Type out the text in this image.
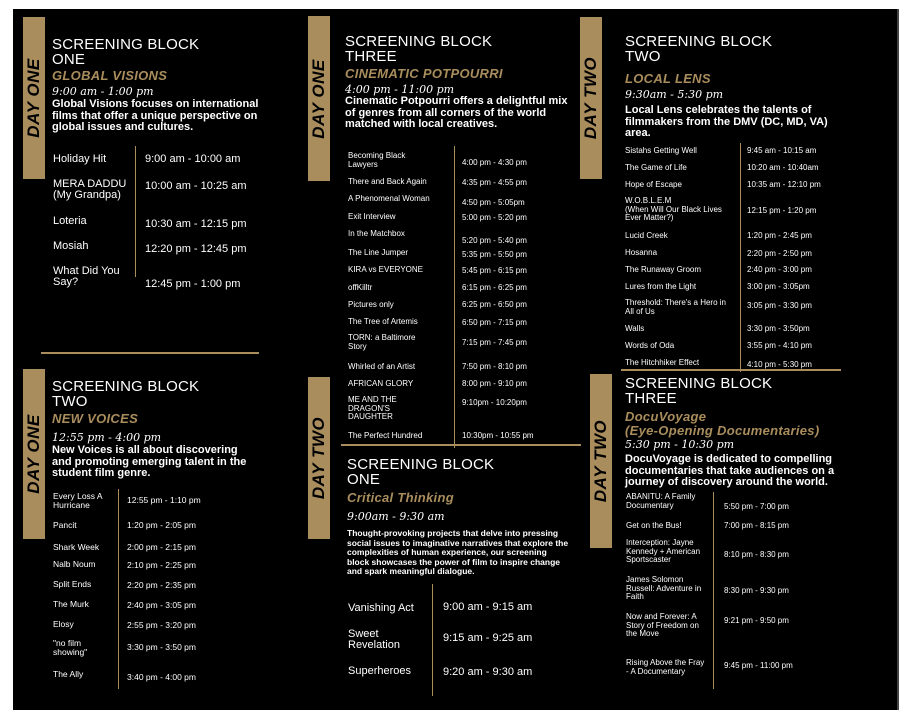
DAY ONE
DAY ONE
DAY ONE
DAY TWO
DAY TWO
DAY TWO
SCREENING BLOCK
ONE
GLOBAL VISIONS
9:00 am - 1:00 pm
Global Visions focuses on international films that offer a unique perspective on global issues and cultures.
Holiday Hit	9:00 am - 10:00 am
MERA DADDU
(My Grandpa)
10:00 am - 10:25 am
Loteria	10:30 am - 12:15 pm
Mosiah	12:20 pm - 12:45 pm
What Did You
Say?	12:45 pm - 1:00 pm
SCREENING BLOCK
TWO
NEW VOICES
12:55 pm - 4:00 pm
New Voices is all about discovering and promoting emerging talent in the student film genre.
Every Loss A
Hurricane	12:55 pm - 1:10 pm
Pancit	1:20 pm - 2:05 pm
Shark Week	2:00 pm - 2:15 pm
Nalb Noum	2:10 pm - 2:25 pm
Split Ends	2:20 pm - 2:35 pm
The Murk	2:40 pm - 3:05 pm
Elosy	2:55 pm - 3:20 pm
"no film
showing"	3:30 pm - 3:50 pm
The Ally	3:40 pm - 4:00 pm
SCREENING BLOCK
THREE
CINEMATIC POTPOURRI
4:00 pm - 11:00 pm
Cinematic Potpourri offers a delightful mix of genres from all corners of the world matched with local creatives.
Becoming Black
Lawyers	4:00 pm - 4:30 pm
There and Back Again	4:35 pm - 4:55 pm
A Phenomenal Woman	4:50 pm - 5:05pm
Exit Interview	5:00 pm - 5:20 pm
In the Matchbox
5:20 pm - 5:40 pm
The Line Jumper	5:35 pm - 5:50 pm
KIRA vs EVERYONE	5:45 pm - 6:15 pm
offKilltr	6:15 pm - 6:25 pm
Pictures only	6:25 pm - 6:50 pm
The Tree of Artemis	6:50 pm - 7:15 pm
TORN: a Baltimore
Story	7:15 pm - 7:45 pm
Whirled of an Artist	7:50 pm - 8:10 pm
AFRICAN GLORY	8:00 pm - 9:10 pm
ME AND THE
DRAGON'S
DAUGHTER
9:10pm - 10:20pm
The Perfect Hundred	10:30pm - 10:55 pm
SCREENING BLOCK
ONE
Critical Thinking
9:00am - 9:30 am
Thought-provoking projects that delve into pressing social issues to imaginative narratives that explore the complexities of human experience, our screening block showcases the power of film to inspire change and spark meaningful dialogue.
Vanishing Act	9:00 am - 9:15 am
Sweet
Revelation
9:15 am - 9:25 am
Superheroes	9:20 am - 9:30 am
SCREENING BLOCK
TWO
LOCAL LENS
9:30am - 5:30 pm
Local Lens celebrates the talents of filmmakers from the DMV (DC, MD, VA) area.
Sistahs Getting Well	9:45 am - 10:15 am
The Game of Life	10:20 am - 10:40am
Hope of Escape	10:35 am - 12:10 pm
W.O.B.L.E.M
(When Will Our Black Lives
Ever Matter?)
12:15 pm - 1:20 pm
Lucid Creek	1:20 pm - 2:45 pm
Hosanna	2:20 pm - 2:50 pm
The Runaway Groom	2:40 pm - 3:00 pm
Lures from the Light	3:00 pm - 3:05pm
Threshold: There's a Hero in
All of Us
3:05 pm - 3:30 pm
Walls	3:30 pm - 3:50pm
Words of Oda	3:55 pm - 4:10 pm
The Hitchhiker Effect	4:10 pm - 5:30 pm
SCREENING BLOCK
THREE
DocuVoyage
(Eye-Opening Documentaries)
5:30 pm - 10:30 pm
DocuVoyage is dedicated to compelling documentaries that take audiences on a journey of discovery around the world.
ABANITU: A Family
Documentary	5:50 pm - 7:00 pm
Get on the Bus!	7:00 pm - 8:15 pm
Interception: Jayne
Kennedy + American
Sportscaster
8:10 pm - 8:30 pm
James Solomon
Russell: Adventure in
Faith
8:30 pm - 9:30 pm
Now and Forever: A
Story of Freedom on
the Move
9:21 pm - 9:50 pm
Rising Above the Fray
- A Documentary
9:45 pm - 11:00 pm
